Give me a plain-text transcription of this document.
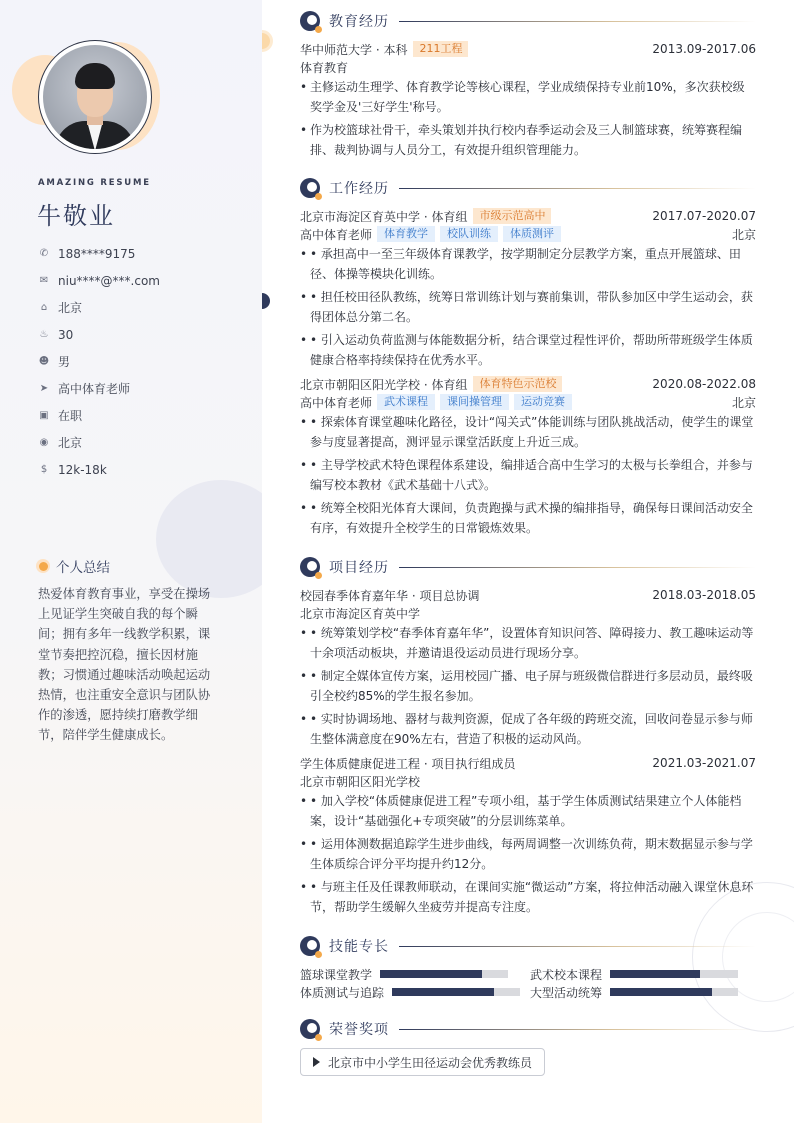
AMAZING RESUME
牛敬业
✆ 188****9175
✉ niu****@***.com
⌂ 北京
♨ 30
☻ 男
➤ 高中体育老师
▣ 在职
◉ 北京
$ 12k-18k
个人总结
热爱体育教育事业，享受在操场上见证学生突破自我的每个瞬间；拥有多年一线教学积累，课堂节奏把控沉稳，擅长因材施教；习惯通过趣味活动唤起运动热情，也注重安全意识与团队协作的渗透，愿持续打磨教学细节，陪伴学生健康成长。
教育经历
华中师范大学 · 本科	211工程	2013.09-2017.06
体育教育
• 主修运动生理学、体育教学论等核心课程，学业成绩保持专业前10%，多次获校级奖学金及'三好学生'称号。
• 作为校篮球社骨干，牵头策划并执行校内春季运动会及三人制篮球赛，统筹赛程编排、裁判协调与人员分工，有效提升组织管理能力。
工作经历
北京市海淀区育英中学 · 体育组	市级示范高中	2017.07-2020.07
高中体育老师	体育教学	校队训练	体质测评	北京
• • 承担高中一至三年级体育课教学，按学期制定分层教学方案，重点开展篮球、田径、体操等模块化训练。
• • 担任校田径队教练，统筹日常训练计划与赛前集训，带队参加区中学生运动会，获得团体总分第二名。
• • 引入运动负荷监测与体能数据分析，结合课堂过程性评价，帮助所带班级学生体质健康合格率持续保持在优秀水平。
北京市朝阳区阳光学校 · 体育组	体育特色示范校	2020.08-2022.08
高中体育老师	武术课程	课间操管理	运动竞赛	北京
• • 探索体育课堂趣味化路径，设计“闯关式”体能训练与团队挑战活动，使学生的课堂参与度显著提高，测评显示课堂活跃度上升近三成。
• • 主导学校武术特色课程体系建设，编排适合高中生学习的太极与长拳组合，并参与编写校本教材《武术基础十八式》。
• • 统筹全校阳光体育大课间，负责跑操与武术操的编排指导，确保每日课间活动安全有序，有效提升全校学生的日常锻炼效果。
项目经历
校园春季体育嘉年华 · 项目总协调	2018.03-2018.05
北京市海淀区育英中学
• • 统筹策划学校“春季体育嘉年华”，设置体育知识问答、障碍接力、教工趣味运动等十余项活动板块，并邀请退役运动员进行现场分享。
• • 制定全媒体宣传方案，运用校园广播、电子屏与班级微信群进行多层动员，最终吸引全校约85%的学生报名参加。
• • 实时协调场地、器材与裁判资源，促成了各年级的跨班交流，回收问卷显示参与师生整体满意度在90%左右，营造了积极的运动风尚。
学生体质健康促进工程 · 项目执行组成员	2021.03-2021.07
北京市朝阳区阳光学校
• • 加入学校“体质健康促进工程”专项小组，基于学生体质测试结果建立个人体能档案，设计“基础强化+专项突破”的分层训练菜单。
• • 运用体测数据追踪学生进步曲线，每两周调整一次训练负荷，期末数据显示参与学生体质综合评分平均提升约12分。
• • 与班主任及任课教师联动，在课间实施“微运动”方案，将拉伸活动融入课堂休息环节，帮助学生缓解久坐疲劳并提高专注度。
技能专长
篮球课堂教学	武术校本课程
体质测试与追踪	大型活动统筹
荣誉奖项
北京市中小学生田径运动会优秀教练员
